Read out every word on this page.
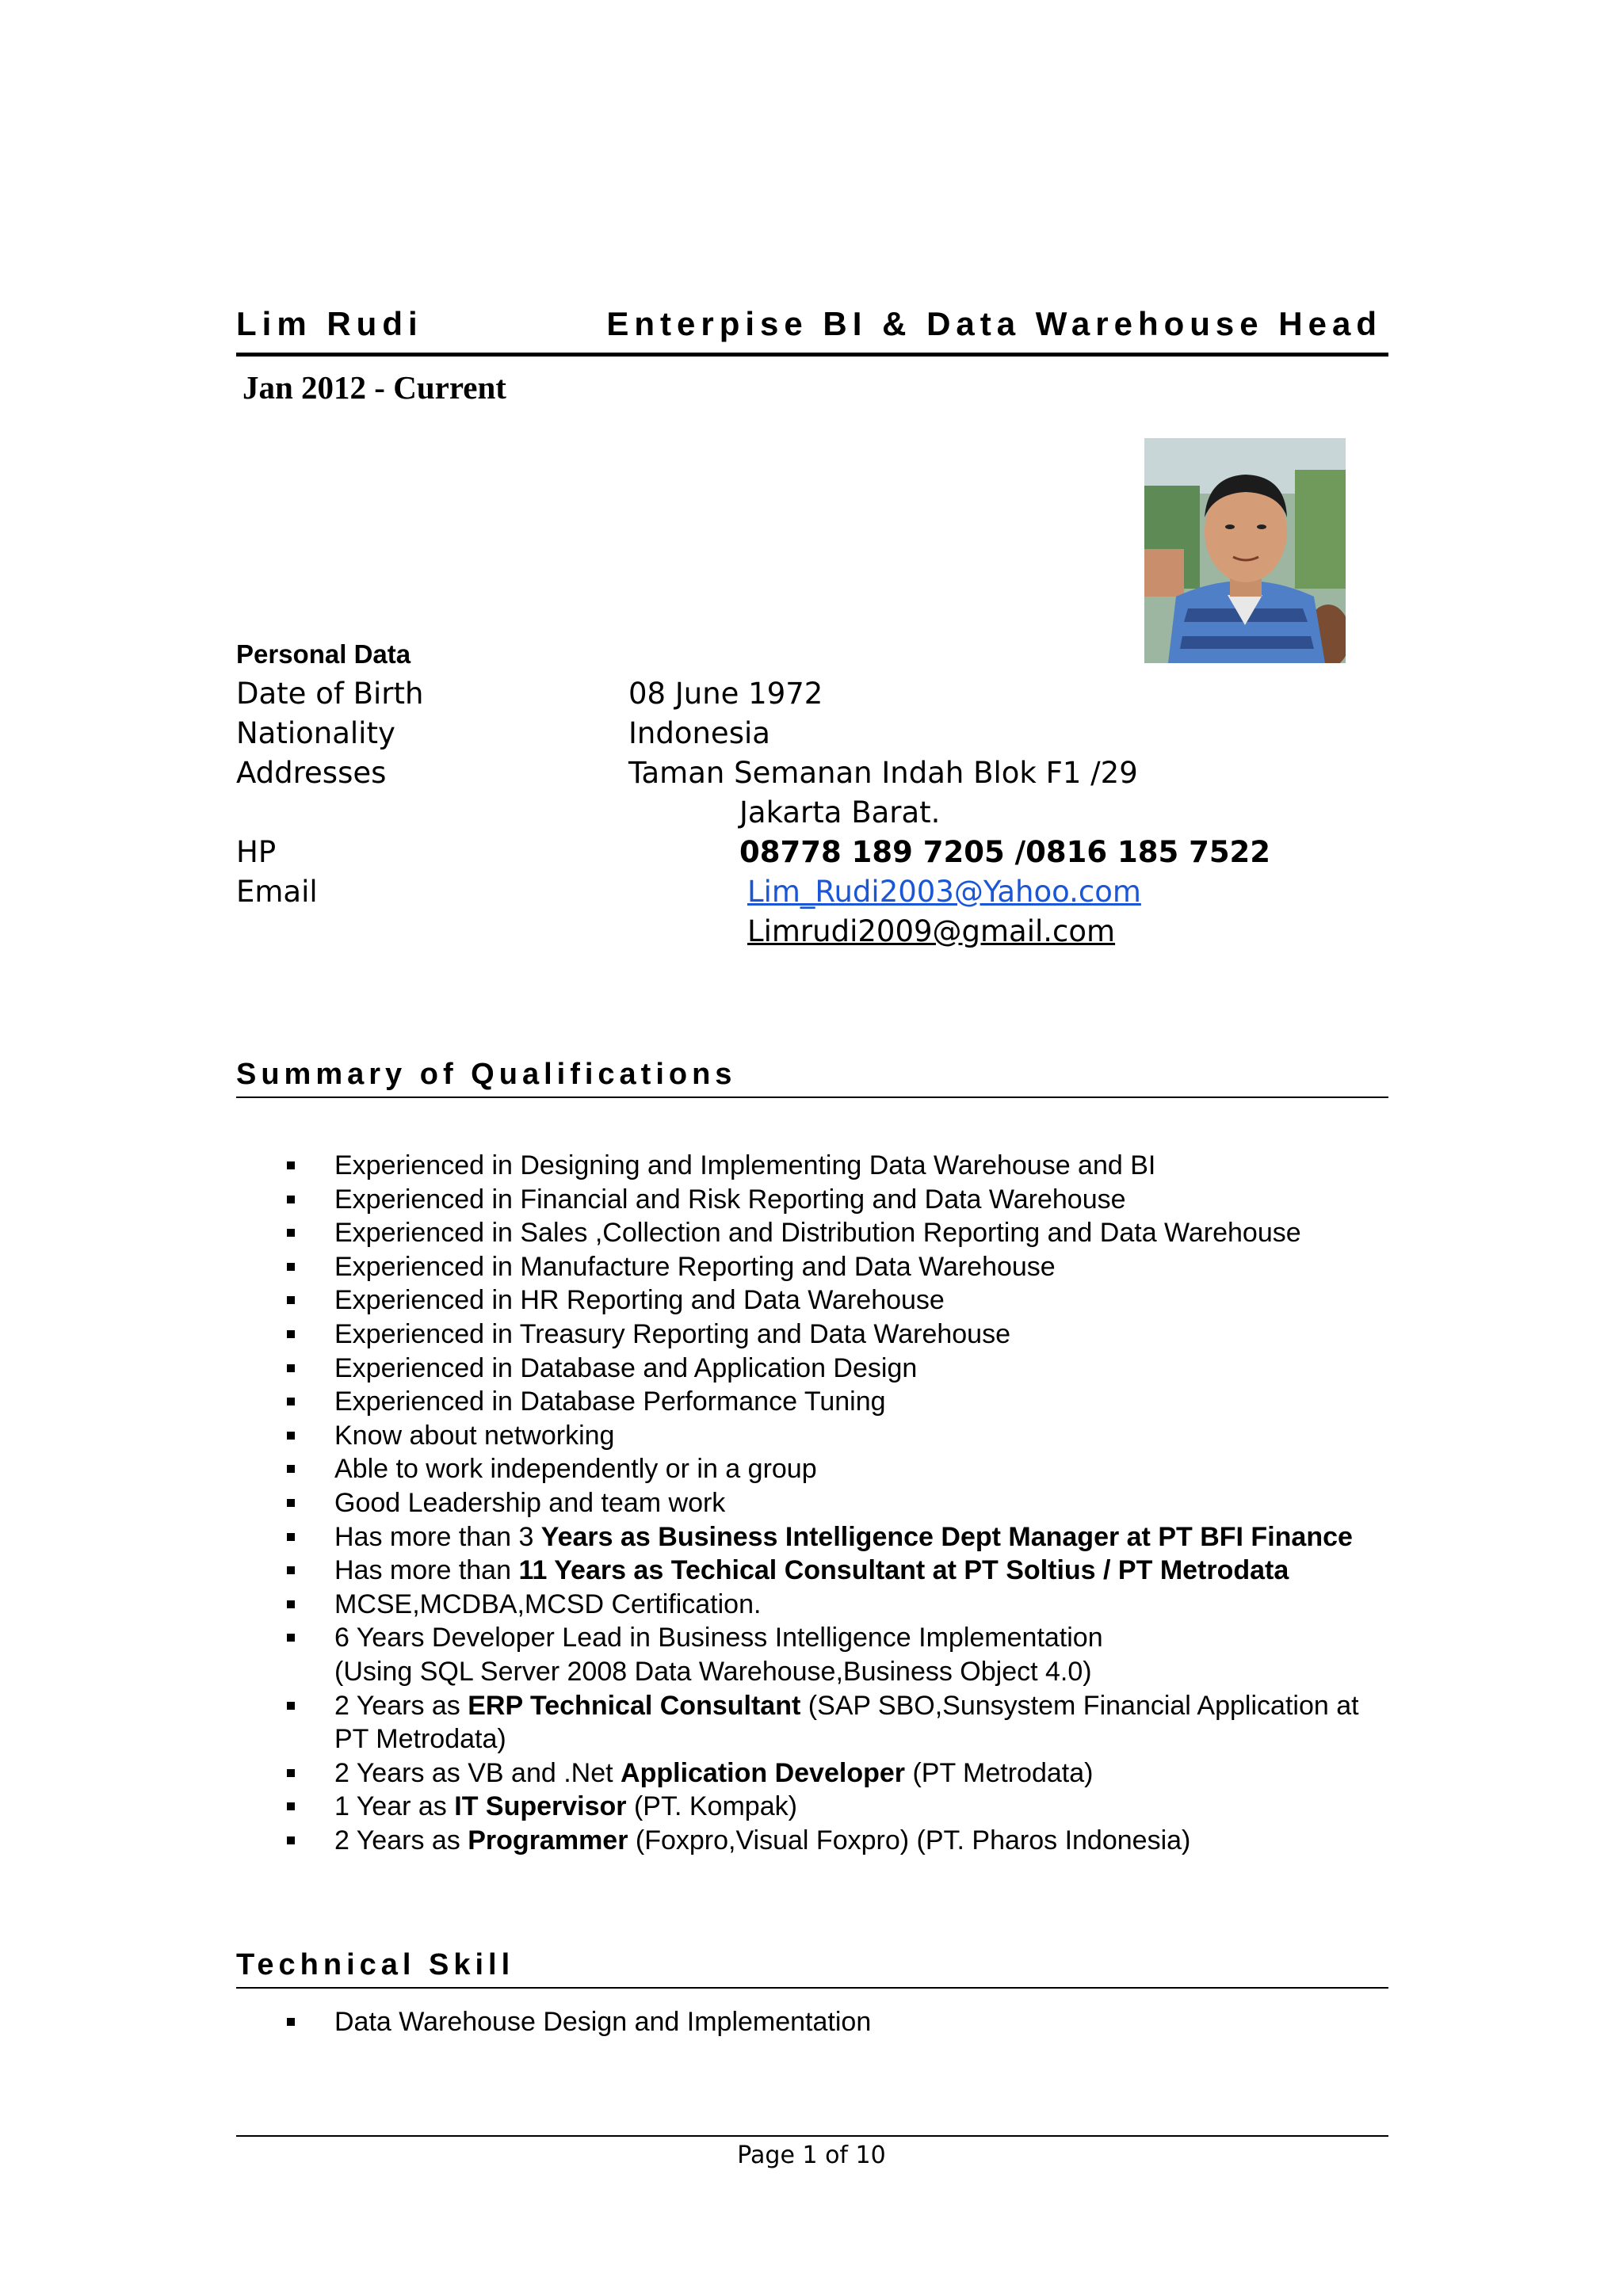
Lim Rudi	Enterpise BI & Data Warehouse Head
Jan 2012 - Current
Personal Data
Date of Birth	08 June 1972
Nationality	Indonesia
Addresses	Taman Semanan Indah Blok F1 /29
Jakarta Barat.
HP	08778 189 7205 /0816 185 7522
Email	Lim_Rudi2003@Yahoo.com
Limrudi2009@gmail.com
Summary of Qualifications
Experienced in Designing and Implementing Data Warehouse and BI
Experienced in Financial and Risk Reporting and Data Warehouse
Experienced in Sales ,Collection and Distribution Reporting and Data Warehouse
Experienced in Manufacture Reporting and Data Warehouse
Experienced in HR Reporting and Data Warehouse
Experienced in Treasury Reporting and Data Warehouse
Experienced in Database and Application Design
Experienced in Database Performance Tuning
Know about networking
Able to work independently or in a group
Good Leadership and team work
Has more than 3 Years as Business Intelligence Dept Manager at PT BFI Finance
Has more than 11 Years as Techical Consultant at PT Soltius / PT Metrodata
MCSE,MCDBA,MCSD Certification.
6 Years Developer Lead in Business Intelligence Implementation
(Using SQL Server 2008 Data Warehouse,Business Object 4.0)
2 Years as ERP Technical Consultant (SAP SBO,Sunsystem Financial Application at PT Metrodata)
2 Years as VB and .Net Application Developer (PT Metrodata)
1 Year as IT Supervisor (PT. Kompak)
2 Years as Programmer (Foxpro,Visual Foxpro) (PT. Pharos Indonesia)
Technical Skill
Data Warehouse Design and Implementation
Page 1 of 10
